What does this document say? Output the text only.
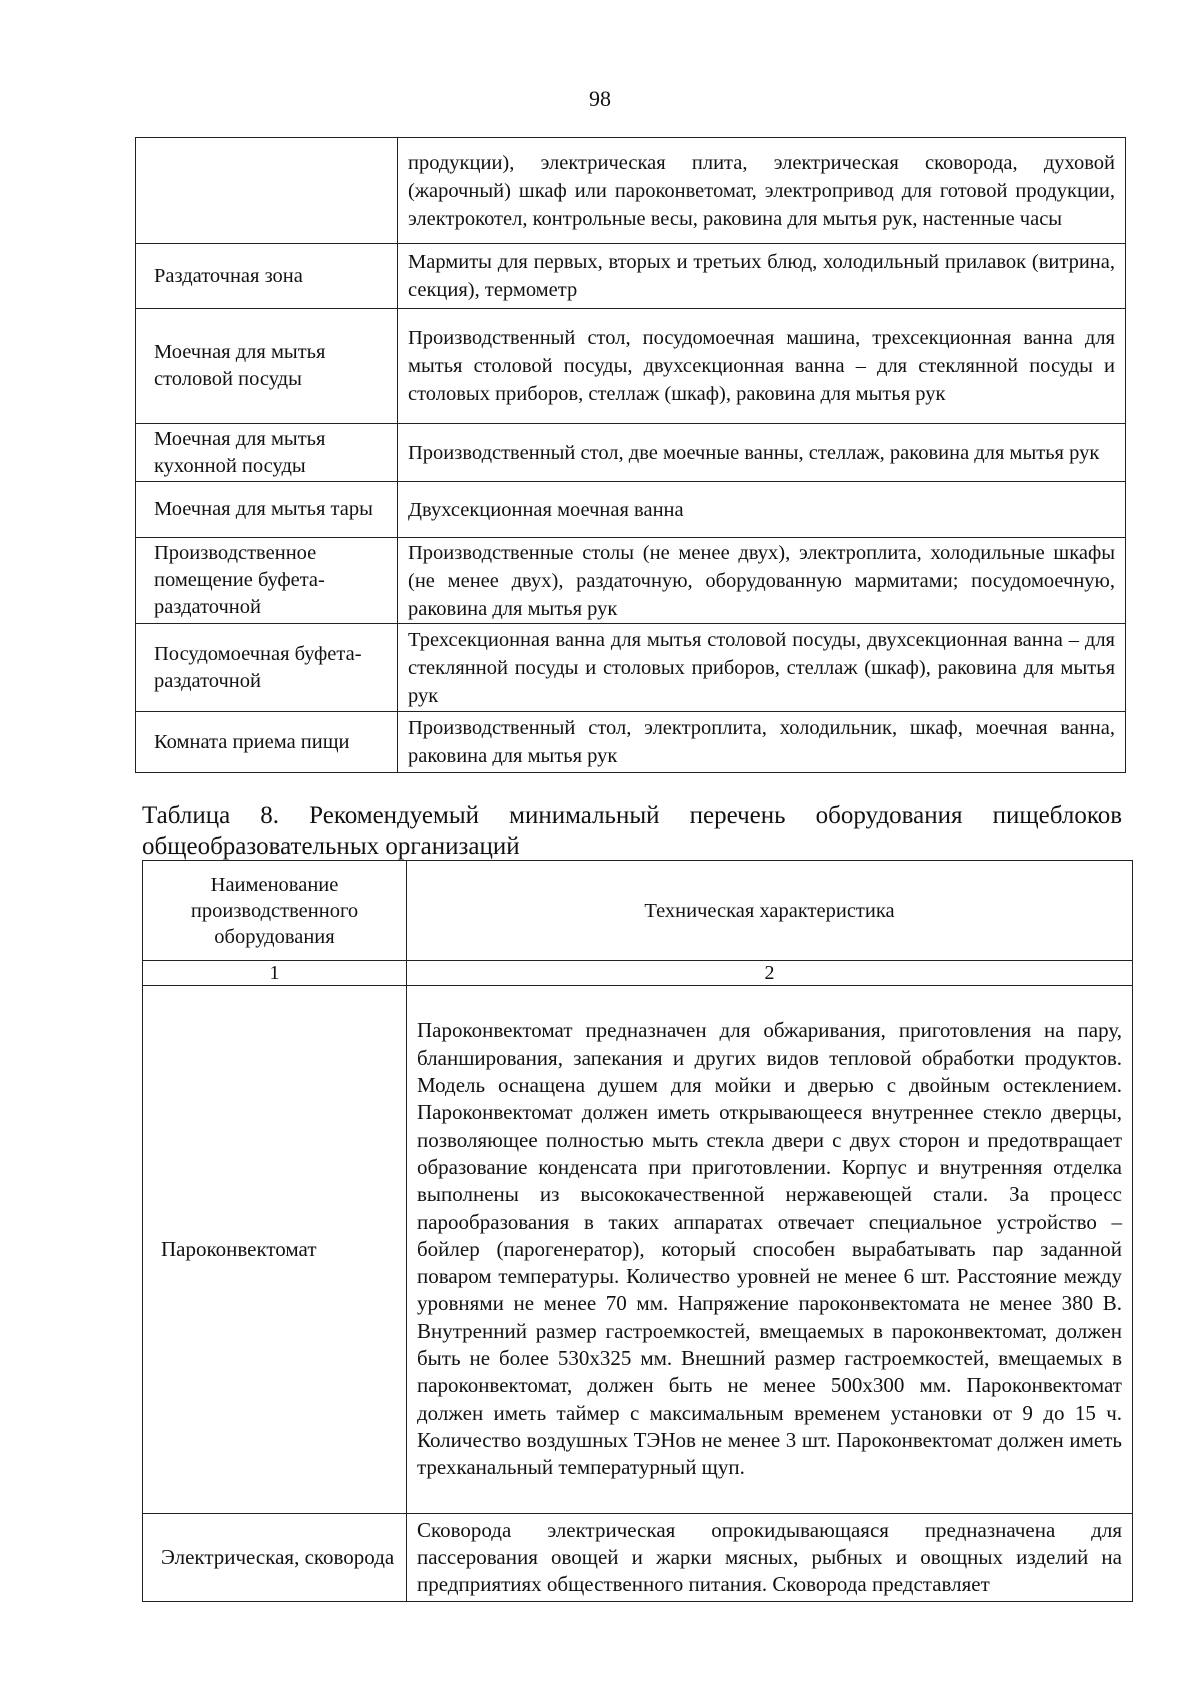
98
	продукции), электрическая плита, электрическая сковорода, духовой (жарочный) шкаф или пароконветомат, электропривод для готовой продукции, электрокотел, контрольные весы, раковина для мытья рук, настенные часы
Раздаточная зона	Мармиты для первых, вторых и третьих блюд, холодильный прилавок (витрина, секция), термометр
Моечная для мытья столовой посуды	Производственный стол, посудомоечная машина, трехсекционная ванна для мытья столовой посуды, двухсекционная ванна – для стеклянной посуды и столовых приборов, стеллаж (шкаф), раковина для мытья рук
Моечная для мытья кухонной посуды	Производственный стол, две моечные ванны, стеллаж, раковина для мытья рук
Моечная для мытья тары	Двухсекционная моечная ванна
Производственное помещение буфета-раздаточной	Производственные столы (не менее двух), электроплита, холодильные шкафы (не менее двух), раздаточную, оборудованную мармитами; посудомоечную, раковина для мытья рук
Посудомоечная буфета-раздаточной	Трехсекционная ванна для мытья столовой посуды, двухсекционная ванна – для стеклянной посуды и столовых приборов, стеллаж (шкаф), раковина для мытья рук
Комната приема пищи	Производственный стол, электроплита, холодильник, шкаф, моечная ванна, раковина для мытья рук
Таблица 8. Рекомендуемый минимальный перечень оборудования пищеблоков общеобразовательных организаций
Наименование производственного оборудования	Техническая характеристика
1	2
Пароконвектомат	Пароконвектомат предназначен для обжаривания, приготовления на пару, бланширования, запекания и других видов тепловой обработки продуктов. Модель оснащена душем для мойки и дверью с двойным остеклением. Пароконвектомат должен иметь открывающееся внутреннее стекло дверцы, позволяющее полностью мыть стекла двери с двух сторон и предотвращает образование конденсата при приготовлении. Корпус и внутренняя отделка выполнены из высококачественной нержавеющей стали. За процесс парообразования в таких аппаратах отвечает специальное устройство – бойлер (парогенератор), который способен вырабатывать пар заданной поваром температуры. Количество уровней не менее 6 шт. Расстояние между уровнями не менее 70 мм. Напряжение пароконвектомата не менее 380 В. Внутренний размер гастроемкостей, вмещаемых в пароконвектомат, должен быть не более 530х325 мм. Внешний размер гастроемкостей, вмещаемых в пароконвектомат, должен быть не менее 500х300 мм. Пароконвектомат должен иметь таймер с максимальным временем установки от 9 до 15 ч. Количество воздушных ТЭНов не менее 3 шт. Пароконвектомат должен иметь трехканальный температурный щуп.
Электрическая, сковорода	Сковорода электрическая опрокидывающаяся предназначена для пассерования овощей и жарки мясных, рыбных и овощных изделий на предприятиях общественного питания. Сковорода представляет
